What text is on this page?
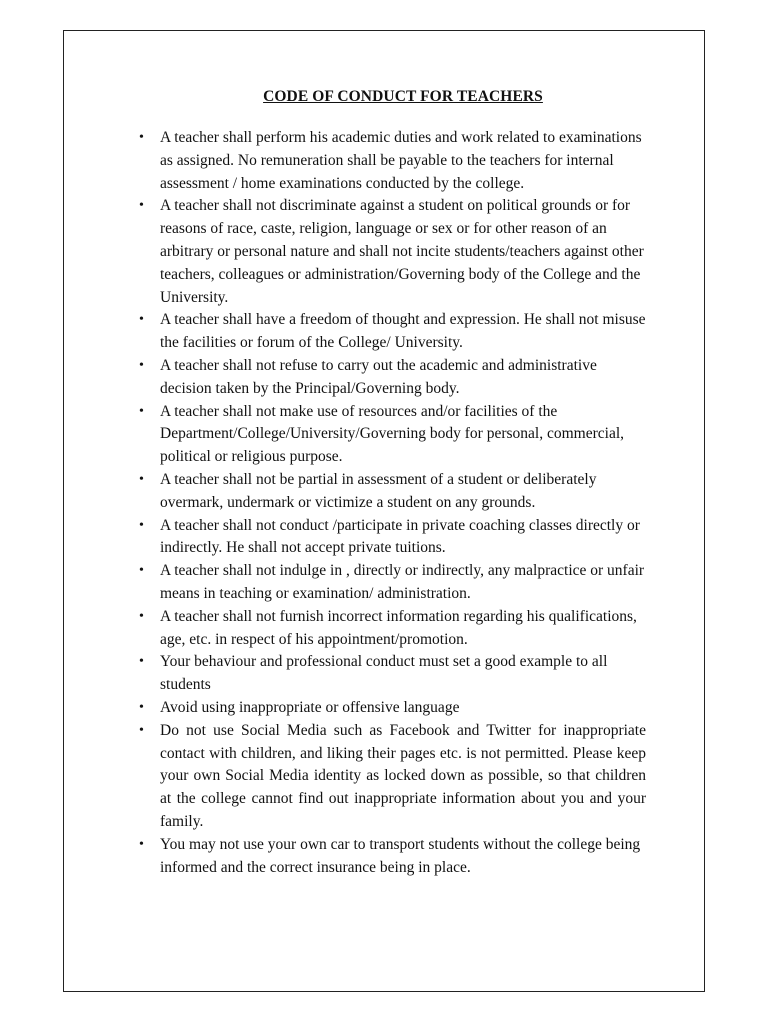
CODE OF CONDUCT FOR TEACHERS
• A teacher shall perform his academic duties and work related to examinations as assigned. No remuneration shall be payable to the teachers for internal assessment / home examinations conducted by the college.
• A teacher shall not discriminate against a student on political grounds or for reasons of race, caste, religion, language or sex or for other reason of an arbitrary or personal nature and shall not incite students/teachers against other teachers, colleagues or administration/Governing body of the College and the University.
• A teacher shall have a freedom of thought and expression. He shall not misuse the facilities or forum of the College/ University.
• A teacher shall not refuse to carry out the academic and administrative decision taken by the Principal/Governing body.
• A teacher shall not make use of resources and/or facilities of the Department/College/University/Governing body for personal, commercial, political or religious purpose.
• A teacher shall not be partial in assessment of a student or deliberately overmark, undermark or victimize a student on any grounds.
• A teacher shall not conduct /participate in private coaching classes directly or indirectly. He shall not accept private tuitions.
• A teacher shall not indulge in , directly or indirectly, any malpractice or unfair means in teaching or examination/ administration.
• A teacher shall not furnish incorrect information regarding his qualifications, age, etc. in respect of his appointment/promotion.
• Your behaviour and professional conduct must set a good example to all students
• Avoid using inappropriate or offensive language
• Do not use Social Media such as Facebook and Twitter for inappropriate contact with children, and liking their pages etc. is not permitted. Please keep your own Social Media identity as locked down as possible, so that children at the college cannot find out inappropriate information about you and your family.
• You may not use your own car to transport students without the college being informed and the correct insurance being in place.
